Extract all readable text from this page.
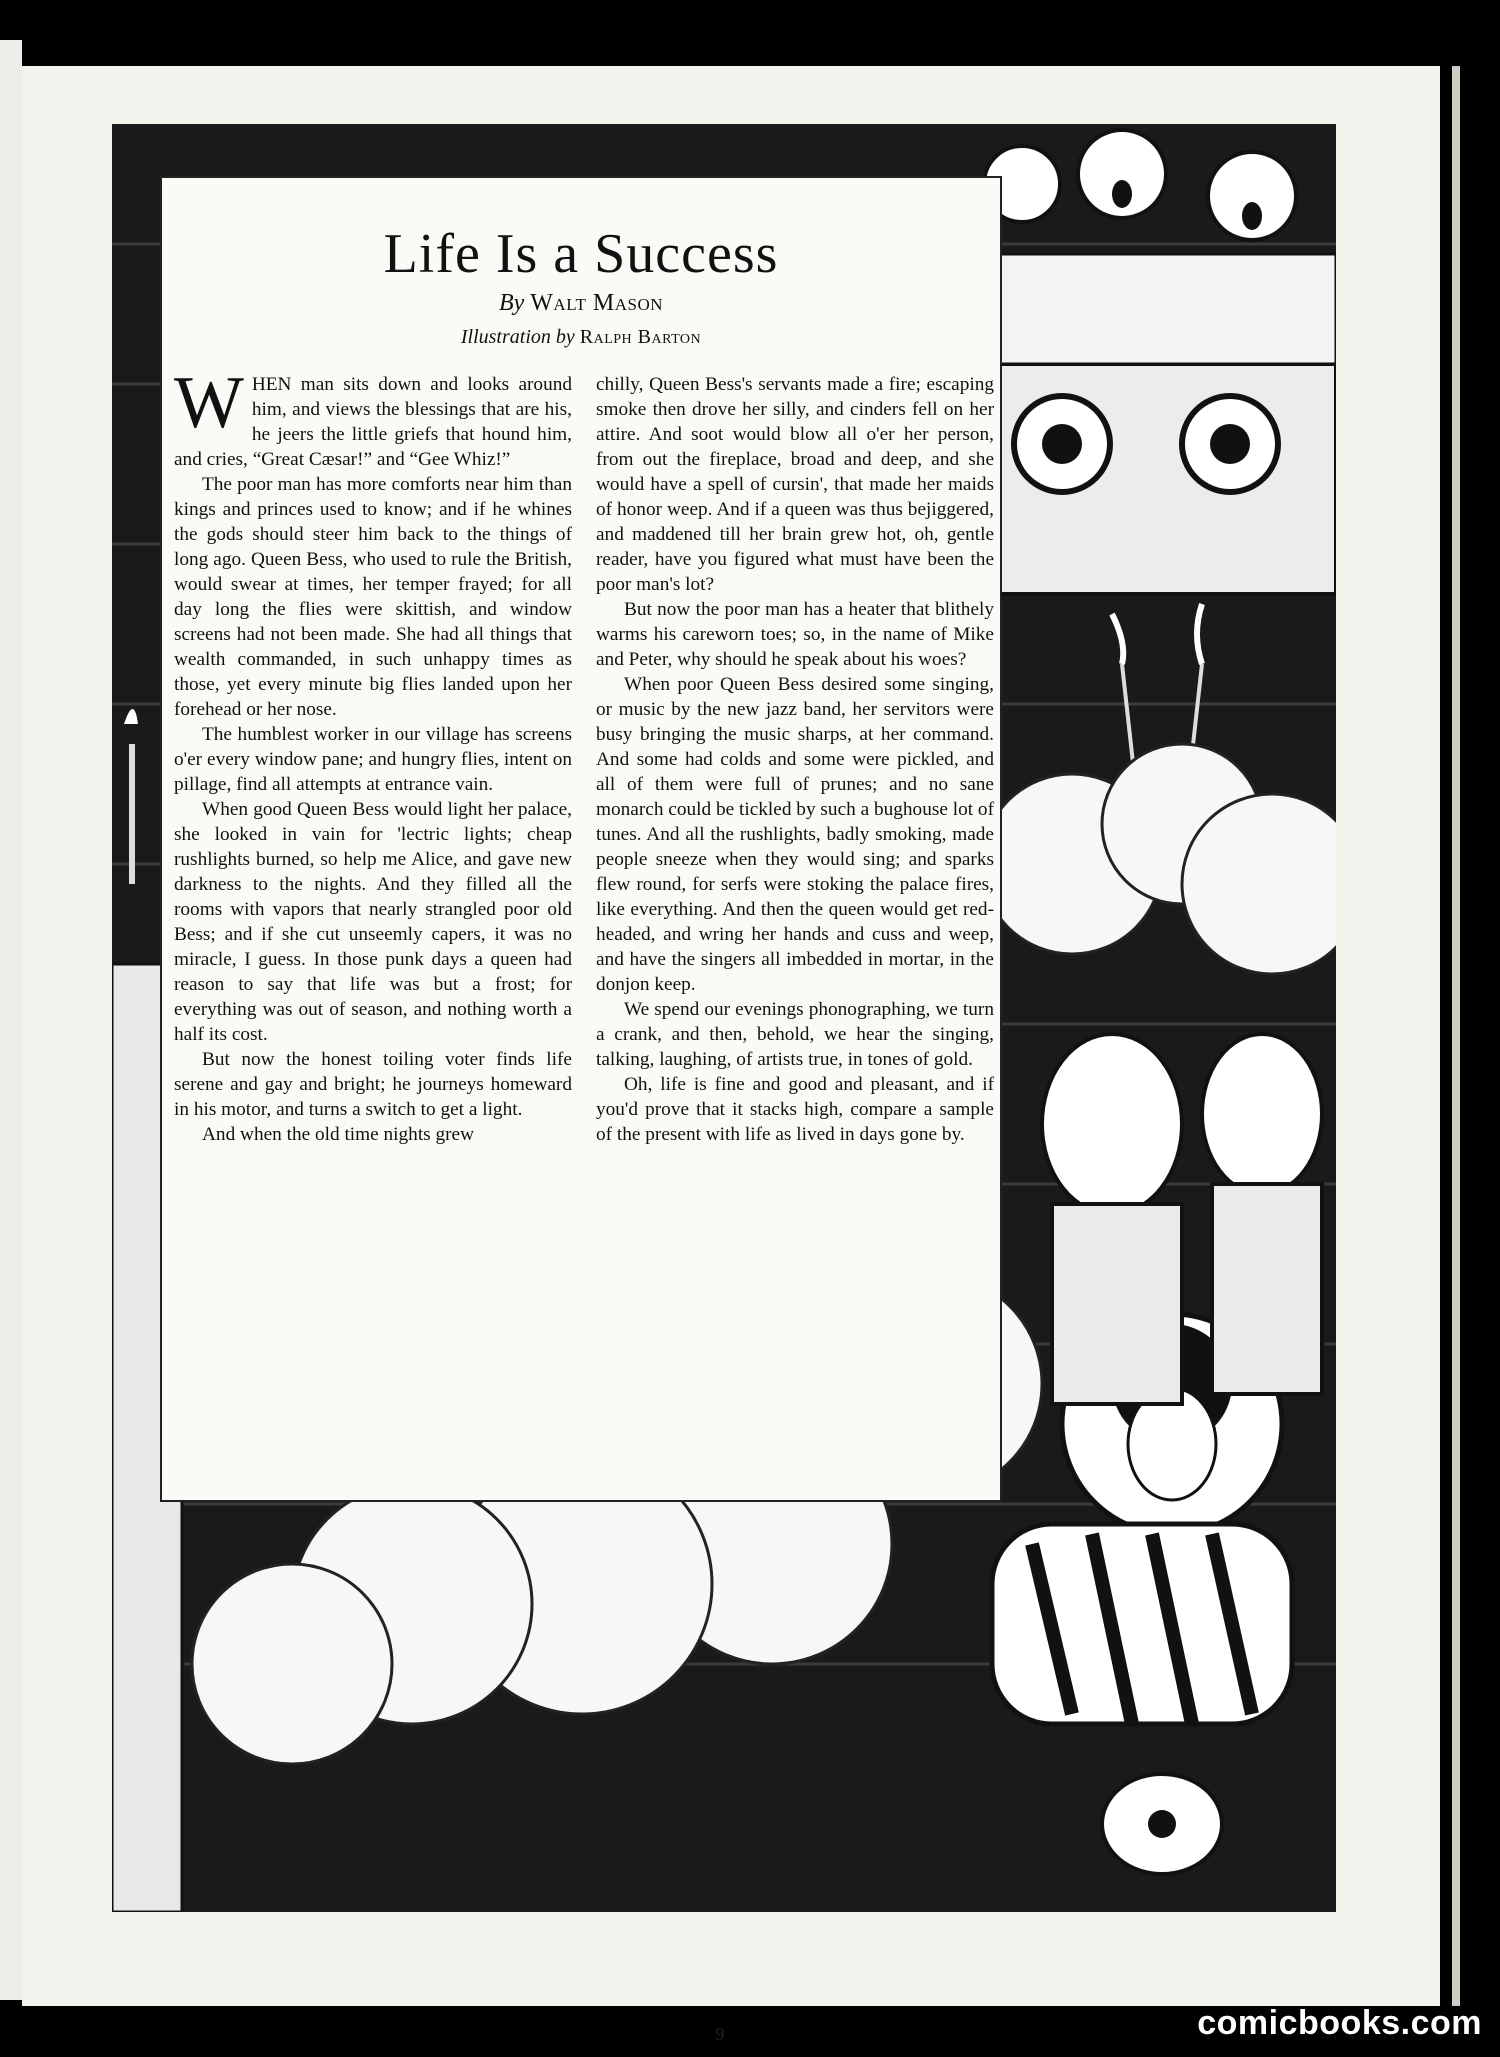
Life Is a Success
By Walt Mason
Illustration by Ralph Barton

WHEN man sits down and looks around him, and views the blessings that are his, he jeers the little griefs that hound him, and cries, “Great Cæsar!” and “Gee Whiz!”

The poor man has more comforts near him than kings and princes used to know; and if he whines the gods should steer him back to the things of long ago. Queen Bess, who used to rule the British, would swear at times, her temper frayed; for all day long the flies were skittish, and window screens had not been made. She had all things that wealth commanded, in such unhappy times as those, yet every minute big flies landed upon her forehead or her nose.

The humblest worker in our village has screens o'er every window pane; and hungry flies, intent on pillage, find all attempts at entrance vain.

When good Queen Bess would light her palace, she looked in vain for 'lectric lights; cheap rushlights burned, so help me Alice, and gave new darkness to the nights. And they filled all the rooms with vapors that nearly strangled poor old Bess; and if she cut unseemly capers, it was no miracle, I guess. In those punk days a queen had reason to say that life was but a frost; for everything was out of season, and nothing worth a half its cost.

But now the honest toiling voter finds life serene and gay and bright; he journeys homeward in his motor, and turns a switch to get a light.

And when the old time nights grew

chilly, Queen Bess's servants made a fire; escaping smoke then drove her silly, and cinders fell on her attire. And soot would blow all o'er her person, from out the fireplace, broad and deep, and she would have a spell of cursin', that made her maids of honor weep. And if a queen was thus bejiggered, and maddened till her brain grew hot, oh, gentle reader, have you figured what must have been the poor man's lot?

But now the poor man has a heater that blithely warms his careworn toes; so, in the name of Mike and Peter, why should he speak about his woes?

When poor Queen Bess desired some singing, or music by the new jazz band, her servitors were busy bringing the music sharps, at her command. And some had colds and some were pickled, and all of them were full of prunes; and no sane monarch could be tickled by such a bughouse lot of tunes. And all the rushlights, badly smoking, made people sneeze when they would sing; and sparks flew round, for serfs were stoking the palace fires, like everything. And then the queen would get red-headed, and wring her hands and cuss and weep, and have the singers all imbedded in mortar, in the donjon keep.

We spend our evenings phonographing, we turn a crank, and then, behold, we hear the singing, talking, laughing, of artists true, in tones of gold.

Oh, life is fine and good and pleasant, and if you'd prove that it stacks high, compare a sample of the present with life as lived in days gone by.

9	comicbooks.com
